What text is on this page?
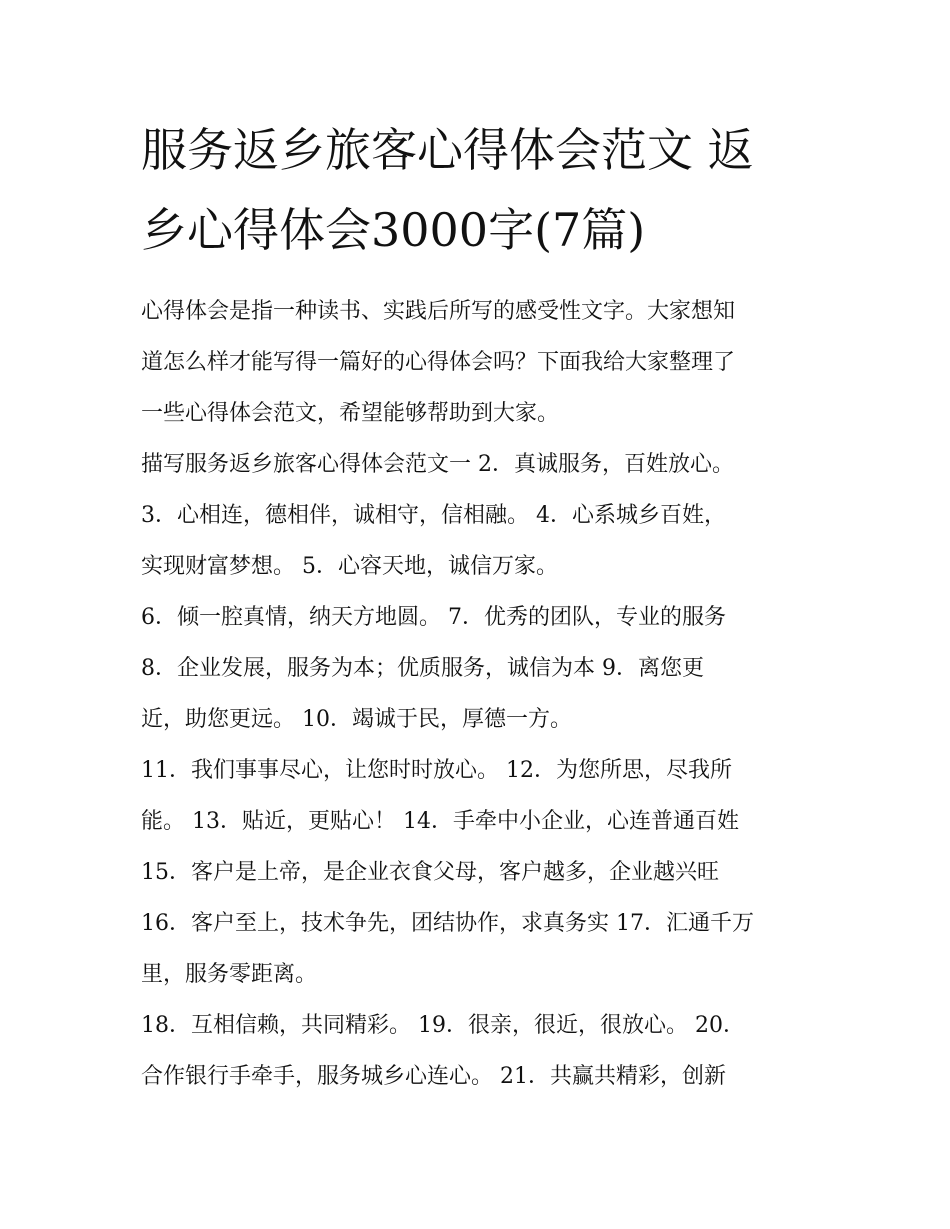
服务返乡旅客心得体会范文 返
乡心得体会3000字(7篇)

心得体会是指一种读书、实践后所写的感受性文字。大家想知
道怎么样才能写得一篇好的心得体会吗？下面我给大家整理了
一些心得体会范文，希望能够帮助到大家。

描写服务返乡旅客心得体会范文一 2．真诚服务，百姓放心。
3．心相连，德相伴，诚相守，信相融。 4．心系城乡百姓，
实现财富梦想。 5．心容天地，诚信万家。

6．倾一腔真情，纳天方地圆。 7．优秀的团队，专业的服务
8．企业发展，服务为本；优质服务，诚信为本 9．离您更
近，助您更远。 10．竭诚于民，厚德一方。

11．我们事事尽心，让您时时放心。 12．为您所思，尽我所
能。 13．贴近，更贴心！ 14．手牵中小企业，心连普通百姓
15．客户是上帝，是企业衣食父母，客户越多，企业越兴旺
16．客户至上，技术争先，团结协作，求真务实 17．汇通千万
里，服务零距离。

18．互相信赖，共同精彩。 19．很亲，很近，很放心。 20．
合作银行手牵手，服务城乡心连心。 21．共赢共精彩，创新
